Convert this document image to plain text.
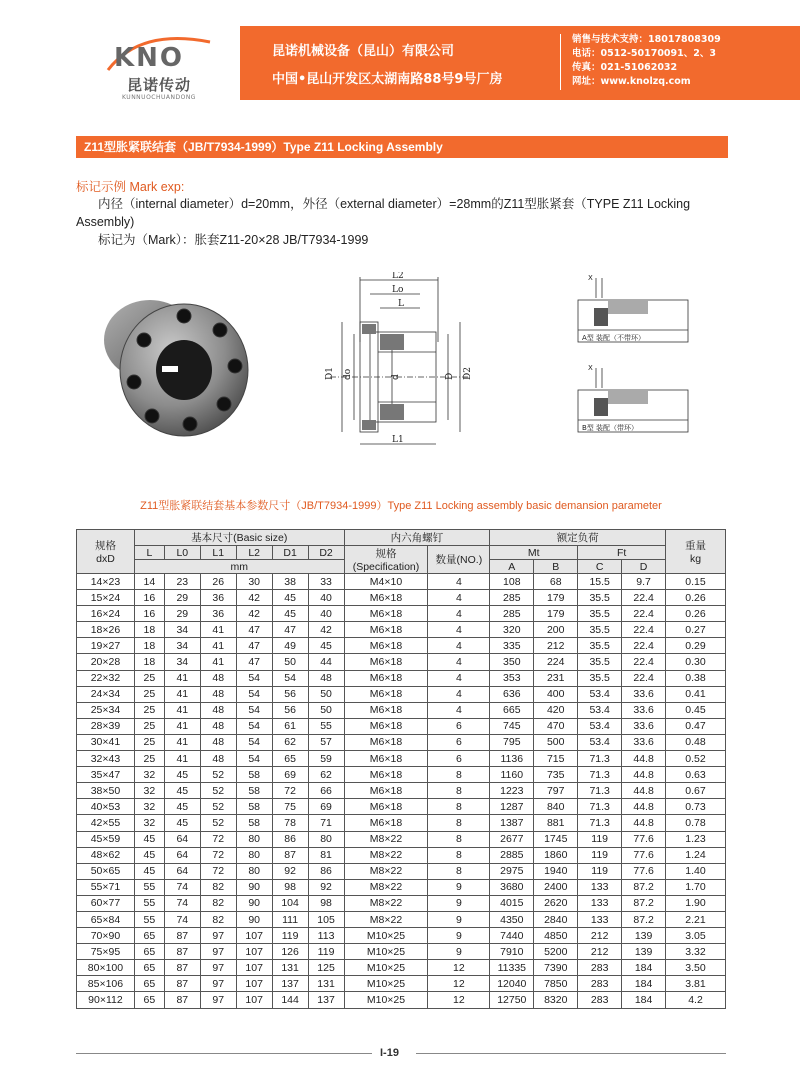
KNO
昆诺传动
KUNNUOCHUANDONG
昆诺机械设备（昆山）有限公司
中国•昆山开发区太湖南路88号9号厂房
销售与技术支持：18017808309
电话：0512-50170091、2、3
传真：021-51062032
网址：www.knolzq.com
Z11型胀紧联结套（JB/T7934-1999）Type Z11 Locking Assembly
标记示例 Mark exp:
内径（internal diameter）d=20mm，外径（external diameter）=28mm的Z11型胀紧套（TYPE Z11 Locking Assembly)
标记为（Mark）：胀套Z11-20×28 JB/T7934-1999
L2
Lo
L
L1
D1 do	d	D D2
X
X
A型 装配（不带环）
B型 装配（带环）
Z11型胀紧联结套基本参数尺寸（JB/T7934-1999）Type Z11 Locking assembly basic demansion parameter
规格
dxD	基本尺寸(Basic size)						内六角螺钉		额定负荷				重量
kg
	L	L0	L1	L2	D1	D2	规格
(Specification)	数量(NO.)	Mt		Ft		
	mm								A	B	C	D	
14×23	14	23	26	30	38	33	M4×10	4	108	68	15.5	9.7	0.15
15×24	16	29	36	42	45	40	M6×18	4	285	179	35.5	22.4	0.26
16×24	16	29	36	42	45	40	M6×18	4	285	179	35.5	22.4	0.26
18×26	18	34	41	47	47	42	M6×18	4	320	200	35.5	22.4	0.27
19×27	18	34	41	47	49	45	M6×18	4	335	212	35.5	22.4	0.29
20×28	18	34	41	47	50	44	M6×18	4	350	224	35.5	22.4	0.30
22×32	25	41	48	54	54	48	M6×18	4	353	231	35.5	22.4	0.38
24×34	25	41	48	54	56	50	M6×18	4	636	400	53.4	33.6	0.41
25×34	25	41	48	54	56	50	M6×18	4	665	420	53.4	33.6	0.45
28×39	25	41	48	54	61	55	M6×18	6	745	470	53.4	33.6	0.47
30×41	25	41	48	54	62	57	M6×18	6	795	500	53.4	33.6	0.48
32×43	25	41	48	54	65	59	M6×18	6	1136	715	71.3	44.8	0.52
35×47	32	45	52	58	69	62	M6×18	8	1160	735	71.3	44.8	0.63
38×50	32	45	52	58	72	66	M6×18	8	1223	797	71.3	44.8	0.67
40×53	32	45	52	58	75	69	M6×18	8	1287	840	71.3	44.8	0.73
42×55	32	45	52	58	78	71	M6×18	8	1387	881	71.3	44.8	0.78
45×59	45	64	72	80	86	80	M8×22	8	2677	1745	119	77.6	1.23
48×62	45	64	72	80	87	81	M8×22	8	2885	1860	119	77.6	1.24
50×65	45	64	72	80	92	86	M8×22	8	2975	1940	119	77.6	1.40
55×71	55	74	82	90	98	92	M8×22	9	3680	2400	133	87.2	1.70
60×77	55	74	82	90	104	98	M8×22	9	4015	2620	133	87.2	1.90
65×84	55	74	82	90	111	105	M8×22	9	4350	2840	133	87.2	2.21
70×90	65	87	97	107	119	113	M10×25	9	7440	4850	212	139	3.05
75×95	65	87	97	107	126	119	M10×25	9	7910	5200	212	139	3.32
80×100	65	87	97	107	131	125	M10×25	12	11335	7390	283	184	3.50
85×106	65	87	97	107	137	131	M10×25	12	12040	7850	283	184	3.81
90×112	65	87	97	107	144	137	M10×25	12	12750	8320	283	184	4.2
I-19
